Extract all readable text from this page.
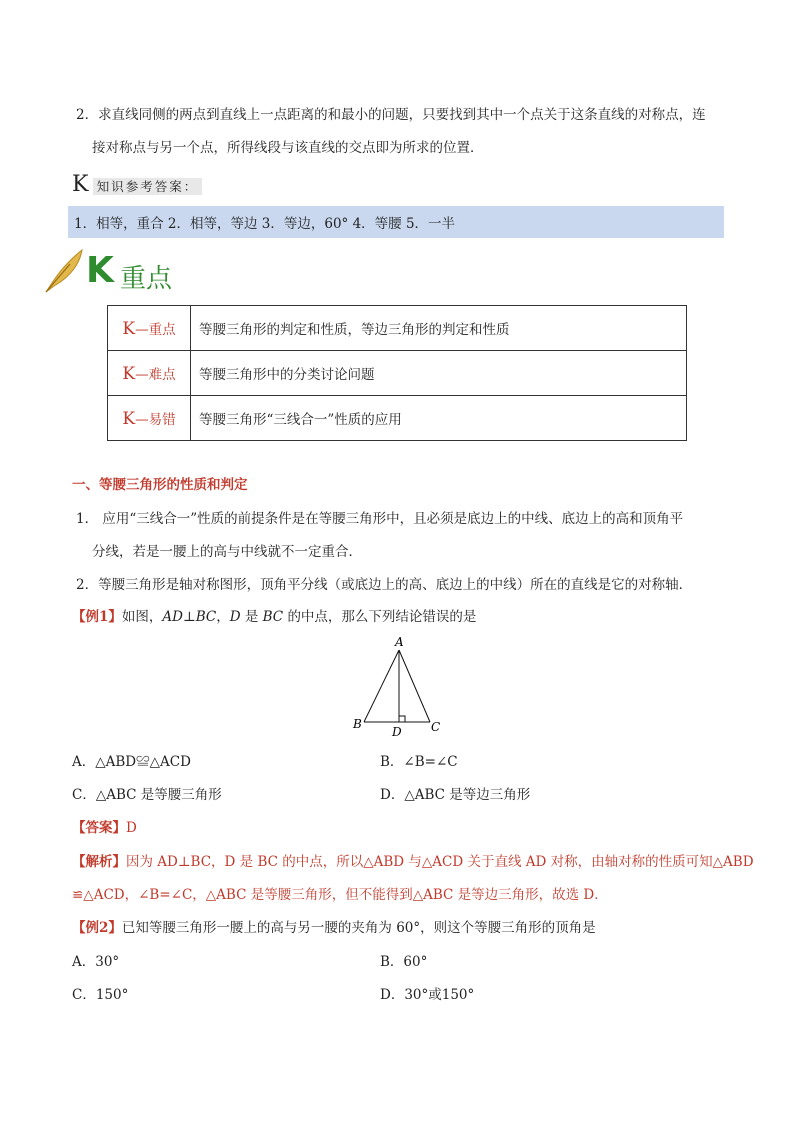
2．求直线同侧的两点到直线上一点距离的和最小的问题，只要找到其中一个点关于这条直线的对称点，连
接对称点与另一个点，所得线段与该直线的交点即为所求的位置．
K 知识参考答案：
1．相等，重合 2．相等，等边 3．等边，60° 4．等腰 5．一半
K 重点
K—重点	等腰三角形的判定和性质，等边三角形的判定和性质
K—难点	等腰三角形中的分类讨论问题
K—易错	等腰三角形“三线合一”性质的应用
一、等腰三角形的性质和判定
1． 应用“三线合一”性质的前提条件是在等腰三角形中，且必须是底边上的中线、底边上的高和顶角平
分线，若是一腰上的高与中线就不一定重合．
2．等腰三角形是轴对称图形，顶角平分线（或底边上的高、底边上的中线）所在的直线是它的对称轴．
【例1】如图，AD⊥BC，D 是 BC 的中点，那么下列结论错误的是
A
B	C
D
A．△ABD≌△ACD	B．∠B=∠C
C．△ABC 是等腰三角形	D．△ABC 是等边三角形
【答案】D
【解析】因为 AD⊥BC，D 是 BC 的中点，所以△ABD 与△ACD 关于直线 AD 对称，由轴对称的性质可知△ABD
≌△ACD，∠B=∠C，△ABC 是等腰三角形，但不能得到△ABC 是等边三角形，故选 D．
【例2】已知等腰三角形一腰上的高与另一腰的夹角为 60°，则这个等腰三角形的顶角是
A．30°	B．60°
C．150°	D．30°或150°
